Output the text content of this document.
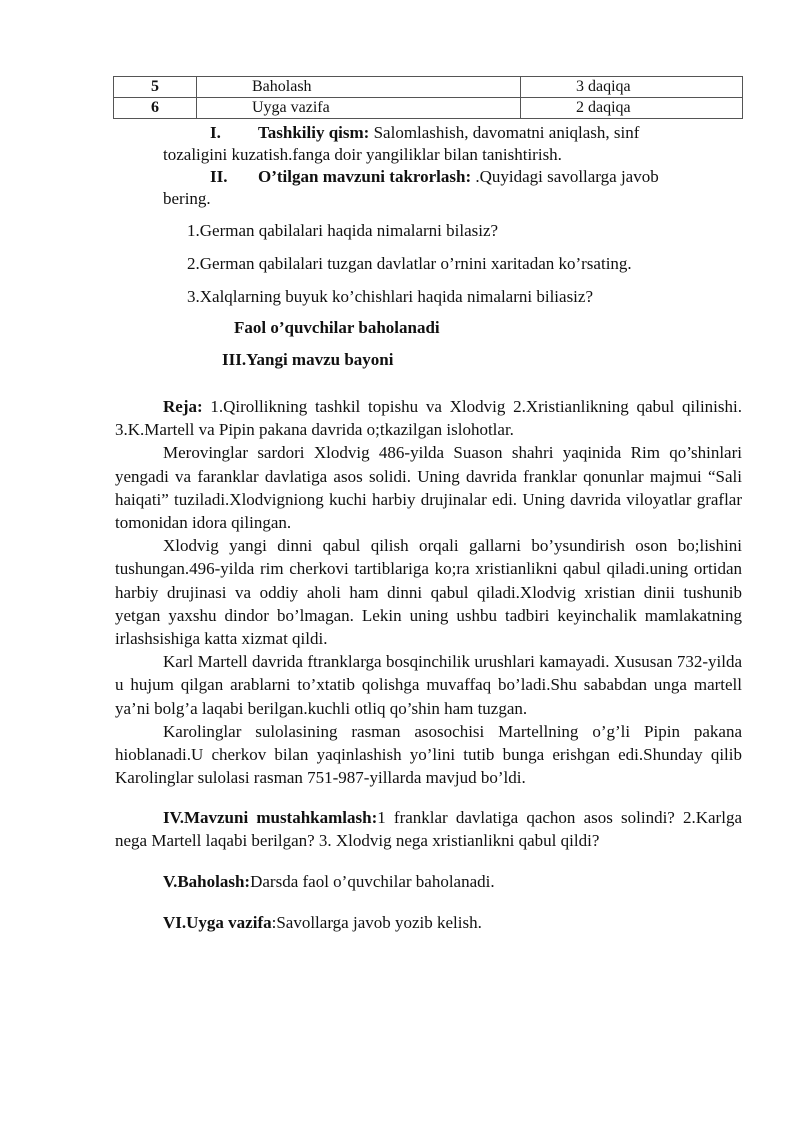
5	Baholash	3 daqiqa
6	Uyga vazifa	2 daqiqa
I. Tashkiliy qism: Salomlashish, davomatni aniqlash, sinf
tozaligini kuzatish.fanga doir yangiliklar bilan tanishtirish.
II. O’tilgan mavzuni takrorlash: .Quyidagi savollarga javob
bering.
1.German qabilalari haqida nimalarni bilasiz?
2.German qabilalari tuzgan davlatlar o’rnini xaritadan ko’rsating.
3.Xalqlarning buyuk ko’chishlari haqida nimalarni biliasiz?
Faol o’quvchilar baholanadi
III.Yangi mavzu bayoni

Reja: 1.Qirollikning tashkil topishu va Xlodvig 2.Xristianlikning qabul qilinishi. 3.K.Martell va Pipin pakana davrida o;tkazilgan islohotlar.

Merovinglar sardori Xlodvig 486-yilda Suason shahri yaqinida Rim qo’shinlari yengadi va faranklar davlatiga asos solidi. Uning davrida franklar qonunlar majmui “Sali haiqati” tuziladi.Xlodvigniong kuchi harbiy drujinalar edi. Uning davrida viloyatlar graflar tomonidan idora qilingan.

Xlodvig yangi dinni qabul qilish orqali gallarni bo’ysundirish oson bo;lishini tushungan.496-yilda rim cherkovi tartiblariga ko;ra xristianlikni qabul qiladi.uning ortidan harbiy drujinasi va oddiy aholi ham dinni qabul qiladi.Xlodvig xristian dinii tushunib yetgan yaxshu dindor bo’lmagan. Lekin uning ushbu tadbiri keyinchalik mamlakatning irlashsishiga katta xizmat qildi.

Karl Martell davrida ftranklarga bosqinchilik urushlari kamayadi. Xususan 732-yilda u hujum qilgan arablarni to’xtatib qolishga muvaffaq bo’ladi.Shu sababdan unga martell ya’ni bolg’a laqabi berilgan.kuchli otliq qo’shin ham tuzgan.

Karolinglar sulolasining rasman asosochisi Martellning o’g’li Pipin pakana hioblanadi.U cherkov bilan yaqinlashish yo’lini tutib bunga erishgan edi.Shunday qilib Karolinglar sulolasi rasman 751-987-yillarda mavjud bo’ldi.

IV.Mavzuni mustahkamlash:1 franklar davlatiga qachon asos solindi? 2.Karlga nega Martell laqabi berilgan? 3. Xlodvig nega xristianlikni qabul qildi?

V.Baholash:Darsda faol o’quvchilar baholanadi.
VI.Uyga vazifa:Savollarga javob yozib kelish.
